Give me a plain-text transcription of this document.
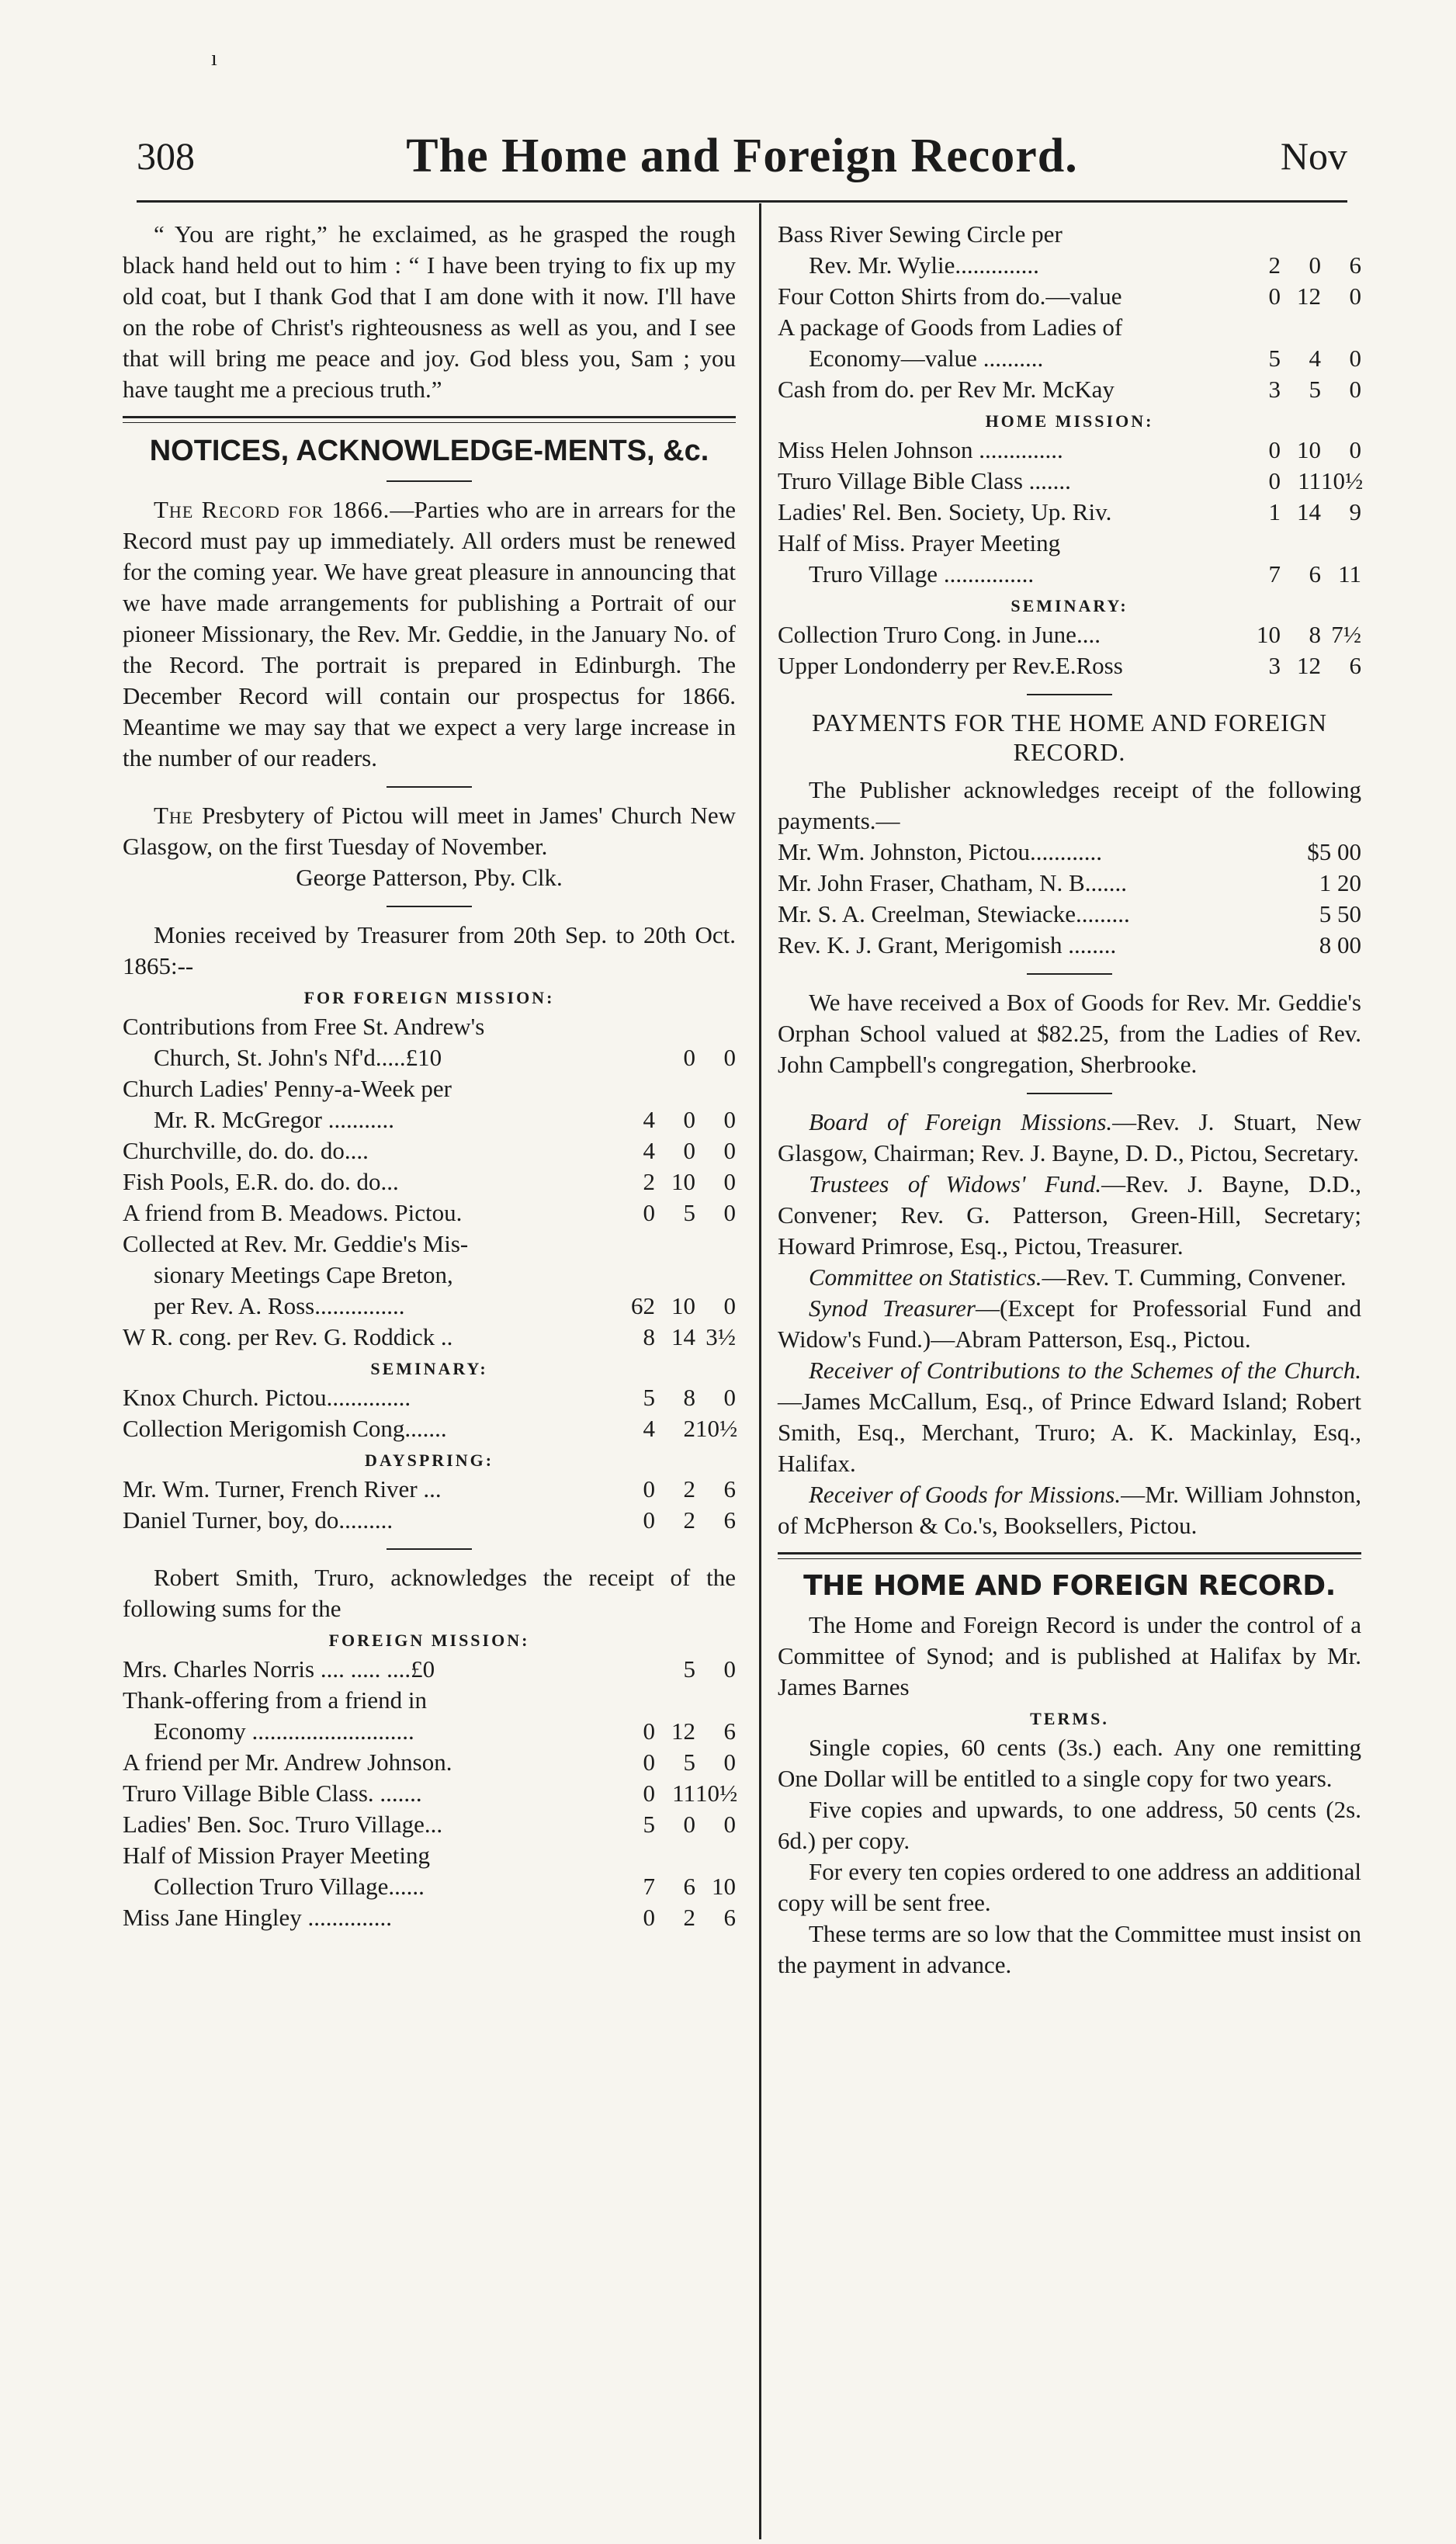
ı
308	The Home and Foreign Record.	Nov

“ You are right,” he exclaimed, as he grasped the rough black hand held out to him : “ I have been trying to fix up my old coat, but I thank God that I am done with it now. I'll have on the robe of Christ's righteousness as well as you, and I see that will bring me peace and joy. God bless you, Sam ; you have taught me a precious truth.”

NOTICES, ACKNOWLEDGE-MENTS, &c.

The Record for 1866.—Parties who are in arrears for the Record must pay up immediately. All orders must be renewed for the coming year. We have great pleasure in announcing that we have made arrangements for publishing a Portrait of our pioneer Missionary, the Rev. Mr. Geddie, in the January No. of the Record. The portrait is prepared in Edinburgh. The December Record will contain our prospectus for 1866. Meantime we may say that we expect a very large increase in the number of our readers.

The Presbytery of Pictou will meet in James' Church New Glasgow, on the first Tuesday of November.

George Patterson, Pby. Clk.

Monies received by Treasurer from 20th Sep. to 20th Oct. 1865:--

FOR FOREIGN MISSION:
Contributions from Free St. Andrew's
Church, St. John's Nf'd.....£10	0	0
Church Ladies' Penny-a-Week per
Mr. R. McGregor ...........	4	0	0
Churchville, do. do. do....	4	0	0
Fish Pools, E.R. do. do. do...	2 10	0
A friend from B. Meadows. Pictou.	0	5	0
Collected at Rev. Mr. Geddie's Mis-
sionary Meetings Cape Breton,
per Rev. A. Ross...............	62 10	0
W R. cong. per Rev. G. Roddick ..	8 14 3½
SEMINARY:
Knox Church. Pictou..............	5	8	0
Collection Merigomish Cong.......	4	2 10½
DAYSPRING:
Mr. Wm. Turner, French River ...	0	2	6
Daniel Turner, boy, do.........	0	2	6

Robert Smith, Truro, acknowledges the receipt of the following sums for the

FOREIGN MISSION:
Mrs. Charles Norris .... ..... ....£0	5	0
Thank-offering from a friend in
Economy ...........................	0 12	6
A friend per Mr. Andrew Johnson.	0	5	0
Truro Village Bible Class. .......	0 11 10½
Ladies' Ben. Soc. Truro Village...	5	0	0
Half of Mission Prayer Meeting
Collection Truro Village......	7	6 10
Miss Jane Hingley ..............	0	2	6
Bass River Sewing Circle per
Rev. Mr. Wylie..............	2	0	6
Four Cotton Shirts from do.—value	0 12	0
A package of Goods from Ladies of
Economy—value ..........	5	4	0
Cash from do. per Rev Mr. McKay	3	5	0
HOME MISSION:
Miss Helen Johnson ..............	0 10	0
Truro Village Bible Class .......	0 11 10½
Ladies' Rel. Ben. Society, Up. Riv.	1 14	9
Half of Miss. Prayer Meeting
Truro Village ...............	7	6 11
SEMINARY:
Collection Truro Cong. in June....	10	8 7½
Upper Londonderry per Rev.E.Ross	3 12	6
PAYMENTS FOR THE HOME AND FOREIGN RECORD.

The Publisher acknowledges receipt of the following payments.—

Mr. Wm. Johnston, Pictou............	$5 00
Mr. John Fraser, Chatham, N. B.......	1 20
Mr. S. A. Creelman, Stewiacke.........	5 50
Rev. K. J. Grant, Merigomish ........	8 00

We have received a Box of Goods for Rev. Mr. Geddie's Orphan School valued at $82.25, from the Ladies of Rev. John Campbell's congregation, Sherbrooke.

Board of Foreign Missions.—Rev. J. Stuart, New Glasgow, Chairman; Rev. J. Bayne, D. D., Pictou, Secretary.

Trustees of Widows' Fund.—Rev. J. Bayne, D.D., Convener; Rev. G. Patterson, Green-Hill, Secretary; Howard Primrose, Esq., Pictou, Treasurer.

Committee on Statistics.—Rev. T. Cumming, Convener.

Synod Treasurer—(Except for Professorial Fund and Widow's Fund.)—Abram Patterson, Esq., Pictou.

Receiver of Contributions to the Schemes of the Church.—James McCallum, Esq., of Prince Edward Island; Robert Smith, Esq., Merchant, Truro; A. K. Mackinlay, Esq., Halifax.

Receiver of Goods for Missions.—Mr. William Johnston, of McPherson & Co.'s, Booksellers, Pictou.

THE HOME AND FOREIGN RECORD.

The Home and Foreign Record is under the control of a Committee of Synod; and is published at Halifax by Mr. James Barnes

TERMS.

Single copies, 60 cents (3s.) each. Any one remitting One Dollar will be entitled to a single copy for two years.

Five copies and upwards, to one address, 50 cents (2s. 6d.) per copy.

For every ten copies ordered to one address an additional copy will be sent free.

These terms are so low that the Committee must insist on the payment in advance.
